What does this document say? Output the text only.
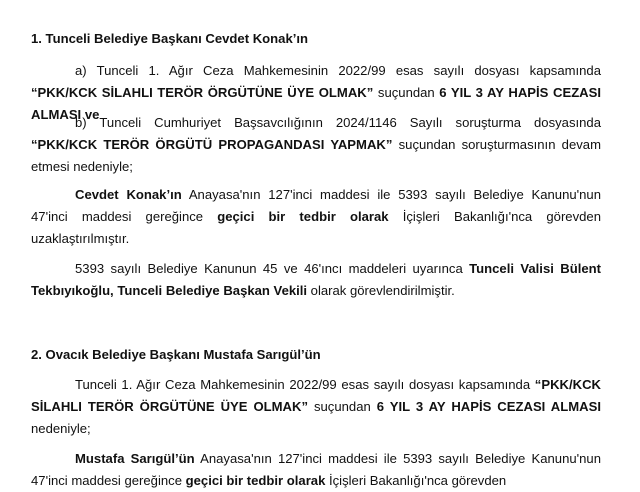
1. Tunceli Belediye Başkanı Cevdet Konak’ın

a) Tunceli 1. Ağır Ceza Mahkemesinin 2022/99 esas sayılı dosyası kapsamında “PKK/KCK SİLAHLI TERÖR ÖRGÜTÜNE ÜYE OLMAK” suçundan 6 YIL 3 AY HAPİS CEZASI ALMASI ve

b) Tunceli Cumhuriyet Başsavcılığının 2024/1146 Sayılı soruşturma dosyasında “PKK/KCK TERÖR ÖRGÜTÜ PROPAGANDASI YAPMAK” suçundan soruşturmasının devam etmesi nedeniyle;

Cevdet Konak’ın Anayasa'nın 127'inci maddesi ile 5393 sayılı Belediye Kanunu'nun 47'inci maddesi gereğince geçici bir tedbir olarak İçişleri Bakanlığı'nca görevden uzaklaştırılmıştır.

5393 sayılı Belediye Kanunun 45 ve 46'ıncı maddeleri uyarınca Tunceli Valisi Bülent Tekbıyıkoğlu, Tunceli Belediye Başkan Vekili olarak görevlendirilmiştir.

2. Ovacık Belediye Başkanı Mustafa Sarıgül’ün

Tunceli 1. Ağır Ceza Mahkemesinin 2022/99 esas sayılı dosyası kapsamında “PKK/KCK SİLAHLI TERÖR ÖRGÜTÜNE ÜYE OLMAK” suçundan 6 YIL 3 AY HAPİS CEZASI ALMASI nedeniyle;

Mustafa Sarıgül’ün Anayasa'nın 127'inci maddesi ile 5393 sayılı Belediye Kanunu'nun 47'inci maddesi gereğince geçici bir tedbir olarak İçişleri Bakanlığı'nca görevden
